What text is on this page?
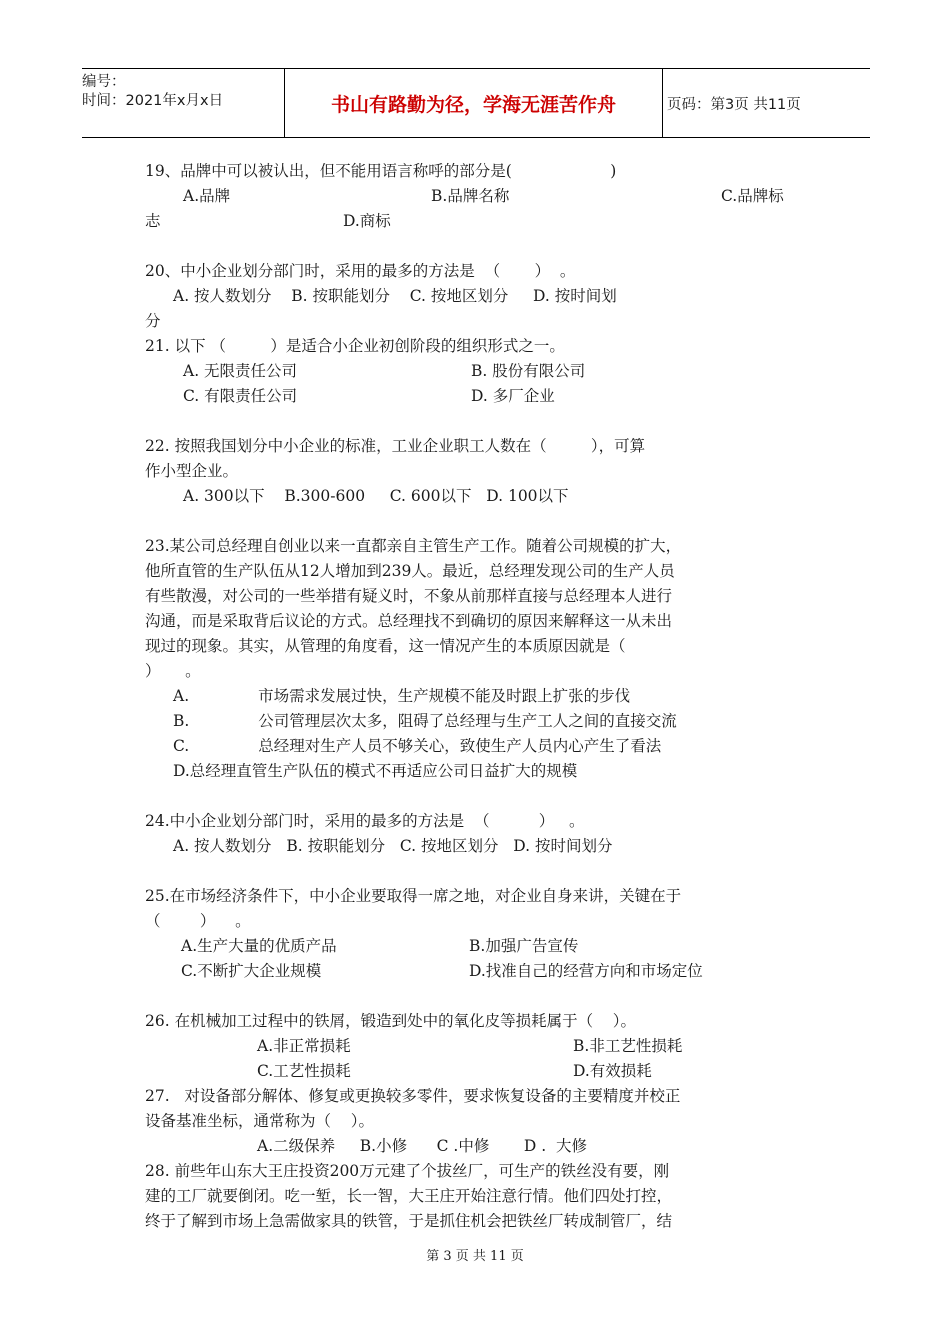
编号：
时间：2021年x月x日	书山有路勤为径，学海无涯苦作舟	页码：第3页 共11页
19、品牌中可以被认出，但不能用语言称呼的部分是(                    )
A.品牌	B.品牌名称	C.品牌标
志	D.商标
20、中小企业划分部门时，采用的最多的方法是  （       ）  。
A. 按人数划分    B. 按职能划分    C. 按地区划分     D. 按时间划
分
21. 以下 （         ）是适合小企业初创阶段的组织形式之一。
A. 无限责任公司	B. 股份有限公司
C. 有限责任公司	D. 多厂企业
22. 按照我国划分中小企业的标准，工业企业职工人数在（         ），可算
作小型企业。
A. 300以下    B.300-600     C. 600以下   D. 100以下
23.某公司总经理自创业以来一直都亲自主管生产工作。随着公司规模的扩大，
他所直管的生产队伍从12人增加到239人。最近，总经理发现公司的生产人员
有些散漫，对公司的一些举措有疑义时，不象从前那样直接与总经理本人进行
沟通，而是采取背后议论的方式。总经理找不到确切的原因来解释这一从未出
现过的现象。其实，从管理的角度看，这一情况产生的本质原因就是（
）     。
A.              市场需求发展过快，生产规模不能及时跟上扩张的步伐
B.              公司管理层次太多，阻碍了总经理与生产工人之间的直接交流
C.              总经理对生产人员不够关心，致使生产人员内心产生了看法
D.总经理直管生产队伍的模式不再适应公司日益扩大的规模
24.中小企业划分部门时，采用的最多的方法是  （          ）   。
A. 按人数划分   B. 按职能划分   C. 按地区划分   D. 按时间划分
25.在市场经济条件下，中小企业要取得一席之地，对企业自身来讲，关键在于
（        ）    。
A.生产大量的优质产品	B.加强广告宣传
C.不断扩大企业规模	D.找准自己的经营方向和市场定位
26. 在机械加工过程中的铁屑，锻造到处中的氧化皮等损耗属于（    ）。
A.非正常损耗	B.非工艺性损耗
C.工艺性损耗	D.有效损耗
27.   对设备部分解体、修复或更换较多零件，要求恢复设备的主要精度并校正
设备基准坐标，通常称为（    ）。
A.二级保养     B.小修      C .中修       D .  大修
28. 前些年山东大王庄投资200万元建了个拔丝厂，可生产的铁丝没有要，刚
建的工厂就要倒闭。吃一堑，长一智，大王庄开始注意行情。他们四处打控，
终于了解到市场上急需做家具的铁管，于是抓住机会把铁丝厂转成制管厂，结
第 3 页 共 11 页
